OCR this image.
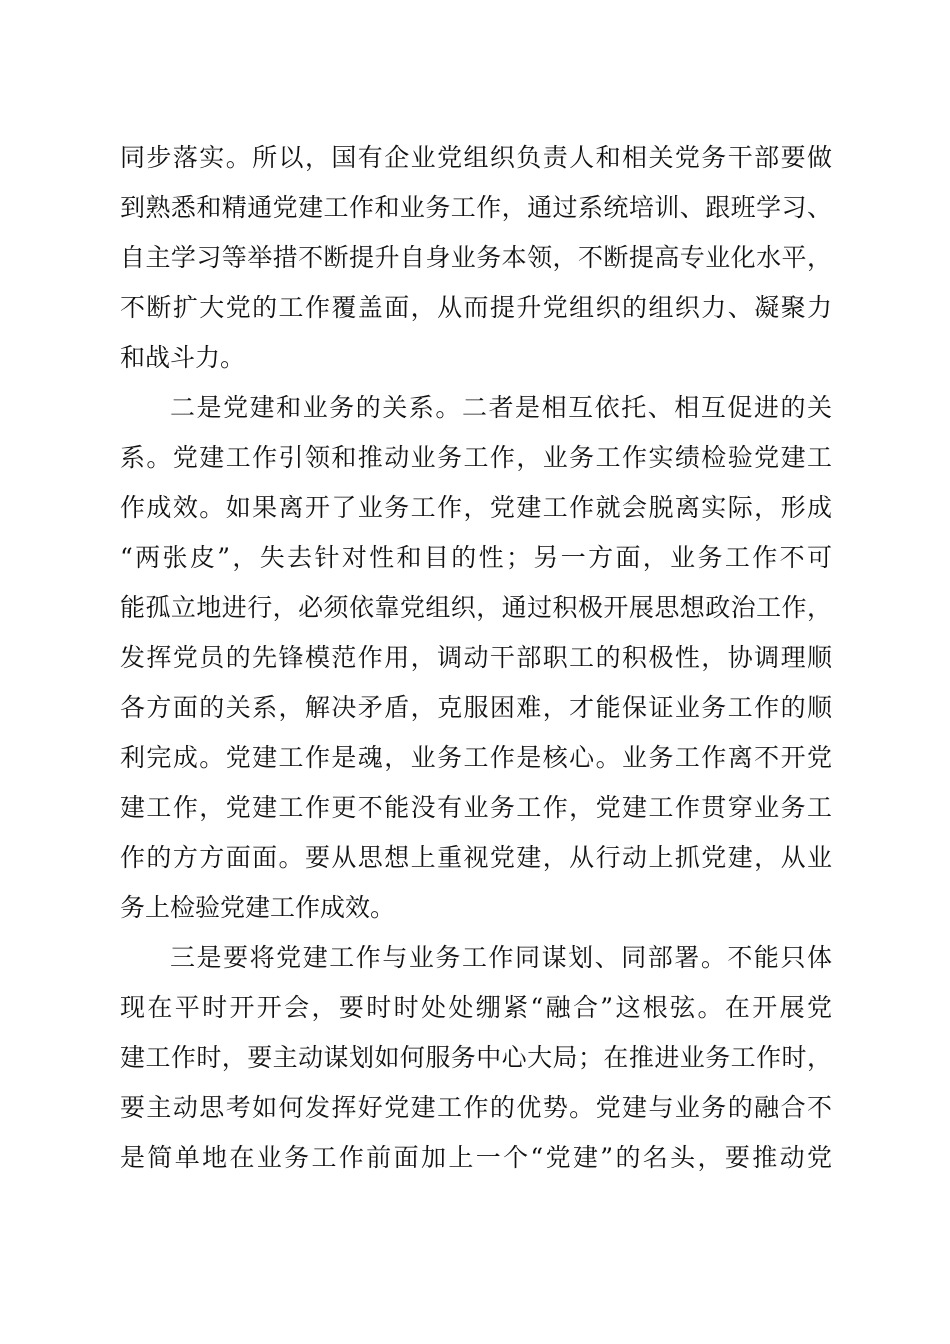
同步落实。所以，国有企业党组织负责人和相关党务干部要做
到熟悉和精通党建工作和业务工作，通过系统培训、跟班学习、
自主学习等举措不断提升自身业务本领，不断提高专业化水平，
不断扩大党的工作覆盖面，从而提升党组织的组织力、凝聚力
和战斗力。
二是党建和业务的关系。二者是相互依托、相互促进的关
系。党建工作引领和推动业务工作，业务工作实绩检验党建工
作成效。如果离开了业务工作，党建工作就会脱离实际，形成
“两张皮”，失去针对性和目的性；另一方面，业务工作不可
能孤立地进行，必须依靠党组织，通过积极开展思想政治工作，
发挥党员的先锋模范作用，调动干部职工的积极性，协调理顺
各方面的关系，解决矛盾，克服困难，才能保证业务工作的顺
利完成。党建工作是魂，业务工作是核心。业务工作离不开党
建工作，党建工作更不能没有业务工作，党建工作贯穿业务工
作的方方面面。要从思想上重视党建，从行动上抓党建，从业
务上检验党建工作成效。
三是要将党建工作与业务工作同谋划、同部署。不能只体
现在平时开开会，要时时处处绷紧“融合”这根弦。在开展党
建工作时，要主动谋划如何服务中心大局；在推进业务工作时，
要主动思考如何发挥好党建工作的优势。党建与业务的融合不
是简单地在业务工作前面加上一个“党建”的名头，要推动党
